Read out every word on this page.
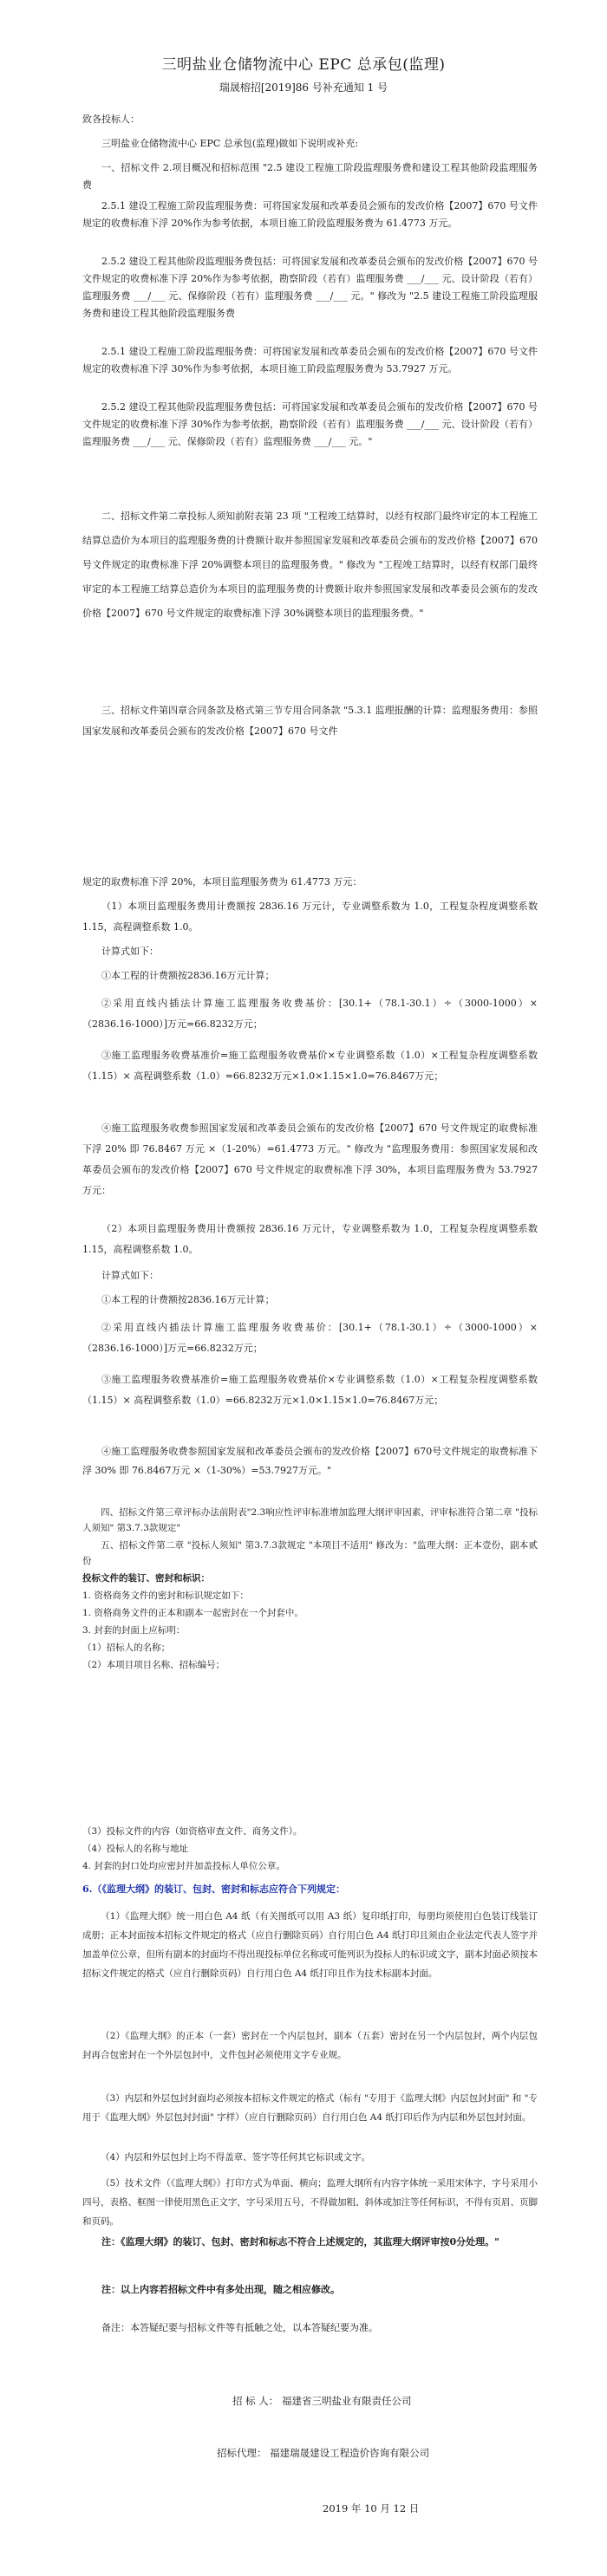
三明盐业仓储物流中心 EPC 总承包(监理)
瑞晟榕招[2019]86 号补充通知 1 号

致各投标人：

三明盐业仓储物流中心 EPC 总承包(监理)做如下说明或补充:

一、招标文件 2.项目概况和招标范围 "2.5 建设工程施工阶段监理服务费和建设工程其他阶段监理服务费

2.5.1 建设工程施工阶段监理服务费：可将国家发展和改革委员会颁布的发改价格【2007】670 号文件规定的收费标准下浮 20%作为参考依据，本项目施工阶段监理服务费为 61.4773 万元。

2.5.2 建设工程其他阶段监理服务费包括：可将国家发展和改革委员会颁布的发改价格【2007】670 号文件规定的收费标准下浮 20%作为参考依据，勘察阶段（若有）监理服务费 ___/___ 元、设计阶段（若有）监理服务费 ___/___ 元、保修阶段（若有）监理服务费 ___/___ 元。" 修改为 "2.5 建设工程施工阶段监理服务费和建设工程其他阶段监理服务费

2.5.1 建设工程施工阶段监理服务费：可将国家发展和改革委员会颁布的发改价格【2007】670 号文件规定的收费标准下浮 30%作为参考依据，本项目施工阶段监理服务费为 53.7927 万元。

2.5.2 建设工程其他阶段监理服务费包括：可将国家发展和改革委员会颁布的发改价格【2007】670 号文件规定的收费标准下浮 30%作为参考依据，勘察阶段（若有）监理服务费 ___/___ 元、设计阶段（若有）监理服务费 ___/___ 元、保修阶段（若有）监理服务费 ___/___ 元。"

二、招标文件第二章投标人须知前附表第 23 项 "工程竣工结算时，以经有权部门最终审定的本工程施工结算总造价为本项目的监理服务费的计费额计取并参照国家发展和改革委员会颁布的发改价格【2007】670 号文件规定的取费标准下浮 20%调整本项目的监理服务费。" 修改为 "工程竣工结算时，以经有权部门最终审定的本工程施工结算总造价为本项目的监理服务费的计费额计取并参照国家发展和改革委员会颁布的发改价格【2007】670 号文件规定的取费标准下浮 30%调整本项目的监理服务费。"

三、招标文件第四章合同条款及格式第三节专用合同条款 "5.3.1 监理报酬的计算：监理服务费用：参照国家发展和改革委员会颁布的发改价格【2007】670 号文件

规定的取费标准下浮 20%，本项目监理服务费为 61.4773 万元：

（1）本项目监理服务费用计费额按 2836.16 万元计，专业调整系数为 1.0，工程复杂程度调整系数 1.15，高程调整系数 1.0。

计算式如下：

①本工程的计费额按2836.16万元计算；

②采用直线内插法计算施工监理服务收费基价：[30.1+（78.1-30.1）÷（3000-1000）×（2836.16-1000）]万元=66.8232万元；

③施工监理服务收费基准价=施工监理服务收费基价×专业调整系数（1.0）×工程复杂程度调整系数（1.15）× 高程调整系数（1.0）=66.8232万元×1.0×1.15×1.0=76.8467万元；

④施工监理服务收费参照国家发展和改革委员会颁布的发改价格【2007】670 号文件规定的取费标准下浮 20% 即 76.8467 万元 ×（1-20%）=61.4773 万元。" 修改为 "监理服务费用：参照国家发展和改革委员会颁布的发改价格【2007】670 号文件规定的取费标准下浮 30%，本项目监理服务费为 53.7927 万元：

（2）本项目监理服务费用计费额按 2836.16 万元计，专业调整系数为 1.0，工程复杂程度调整系数 1.15，高程调整系数 1.0。

计算式如下：

①本工程的计费额按2836.16万元计算；

②采用直线内插法计算施工监理服务收费基价：[30.1+（78.1-30.1）÷（3000-1000）×（2836.16-1000）]万元=66.8232万元；

③施工监理服务收费基准价=施工监理服务收费基价×专业调整系数（1.0）×工程复杂程度调整系数（1.15）× 高程调整系数（1.0）=66.8232万元×1.0×1.15×1.0=76.8467万元；

④施工监理服务收费参照国家发展和改革委员会颁布的发改价格【2007】670号文件规定的取费标准下浮 30% 即 76.8467万元 ×（1-30%）=53.7927万元。"

四、招标文件第三章评标办法前附表"2.3响应性评审标准增加监理大纲评审因素，评审标准符合第二章 "投标人须知" 第3.7.3款规定"

五、招标文件第二章 "投标人须知" 第3.7.3款规定 "本项目不适用" 修改为："监理大纲：正本壹份，副本贰份

投标文件的装订、密封和标识：

1. 资格商务文件的密封和标识规定如下：

1. 资格商务文件的正本和副本一起密封在一个封套中。

3. 封套的封面上应标明：

（1）招标人的名称；

（2）本项目项目名称、招标编号；

（3）投标文件的内容（如资格审查文件、商务文件）。

（4）投标人的名称与地址

4. 封套的封口处均应密封并加盖投标人单位公章。

6.（《监理大纲》的装订、包封、密封和标志应符合下列规定：

（1）《监理大纲》统一用白色 A4 纸（有关图纸可以用 A3 纸）复印纸打印，每册均须使用白色装订线装订成册；正本封面按本招标文件规定的格式（应自行删除页码）自行用白色 A4 纸打印且须由企业法定代表人签字并加盖单位公章，但所有副本的封面均不得出现投标单位名称或可能列识为投标人的标识或文字，副本封面必须按本招标文件规定的格式（应自行删除页码）自行用白色 A4 纸打印且作为技术标副本封面。

（2）《监理大纲》的正本（一套）密封在一个内层包封，副本（五套）密封在另一个内层包封，两个内层包封再合包密封在一个外层包封中，文件包封必须使用文字专业规。

（3）内层和外层包封封面均必须按本招标文件规定的格式（标有 "专用于《监理大纲》内层包封封面" 和 "专用于《监理大纲》外层包封封面" 字样）（应自行删除页码）自行用白色 A4 纸打印后作为内层和外层包封封面。

（4）内层和外层包封上均不得盖章、签字等任何其它标识或文字。

（5）技术文件（《监理大纲》）打印方式为单面、横向；监理大纲所有内容字体统一采用宋体字，字号采用小四号，表格、框图一律使用黑色正文字，字号采用五号，不得做加粗、斜体或加注等任何标识，不得有页眉、页脚和页码。

注：《监理大纲》的装订、包封、密封和标志不符合上述规定的，其监理大纲评审按0分处理。"

注：以上内容若招标文件中有多处出现，随之相应修改。

备注：本答疑纪要与招标文件等有抵触之处，以本答疑纪要为准。

招 标 人： 福建省三明盐业有限责任公司
招标代理： 福建瑞晟建设工程造价咨询有限公司
2019 年 10 月 12 日
